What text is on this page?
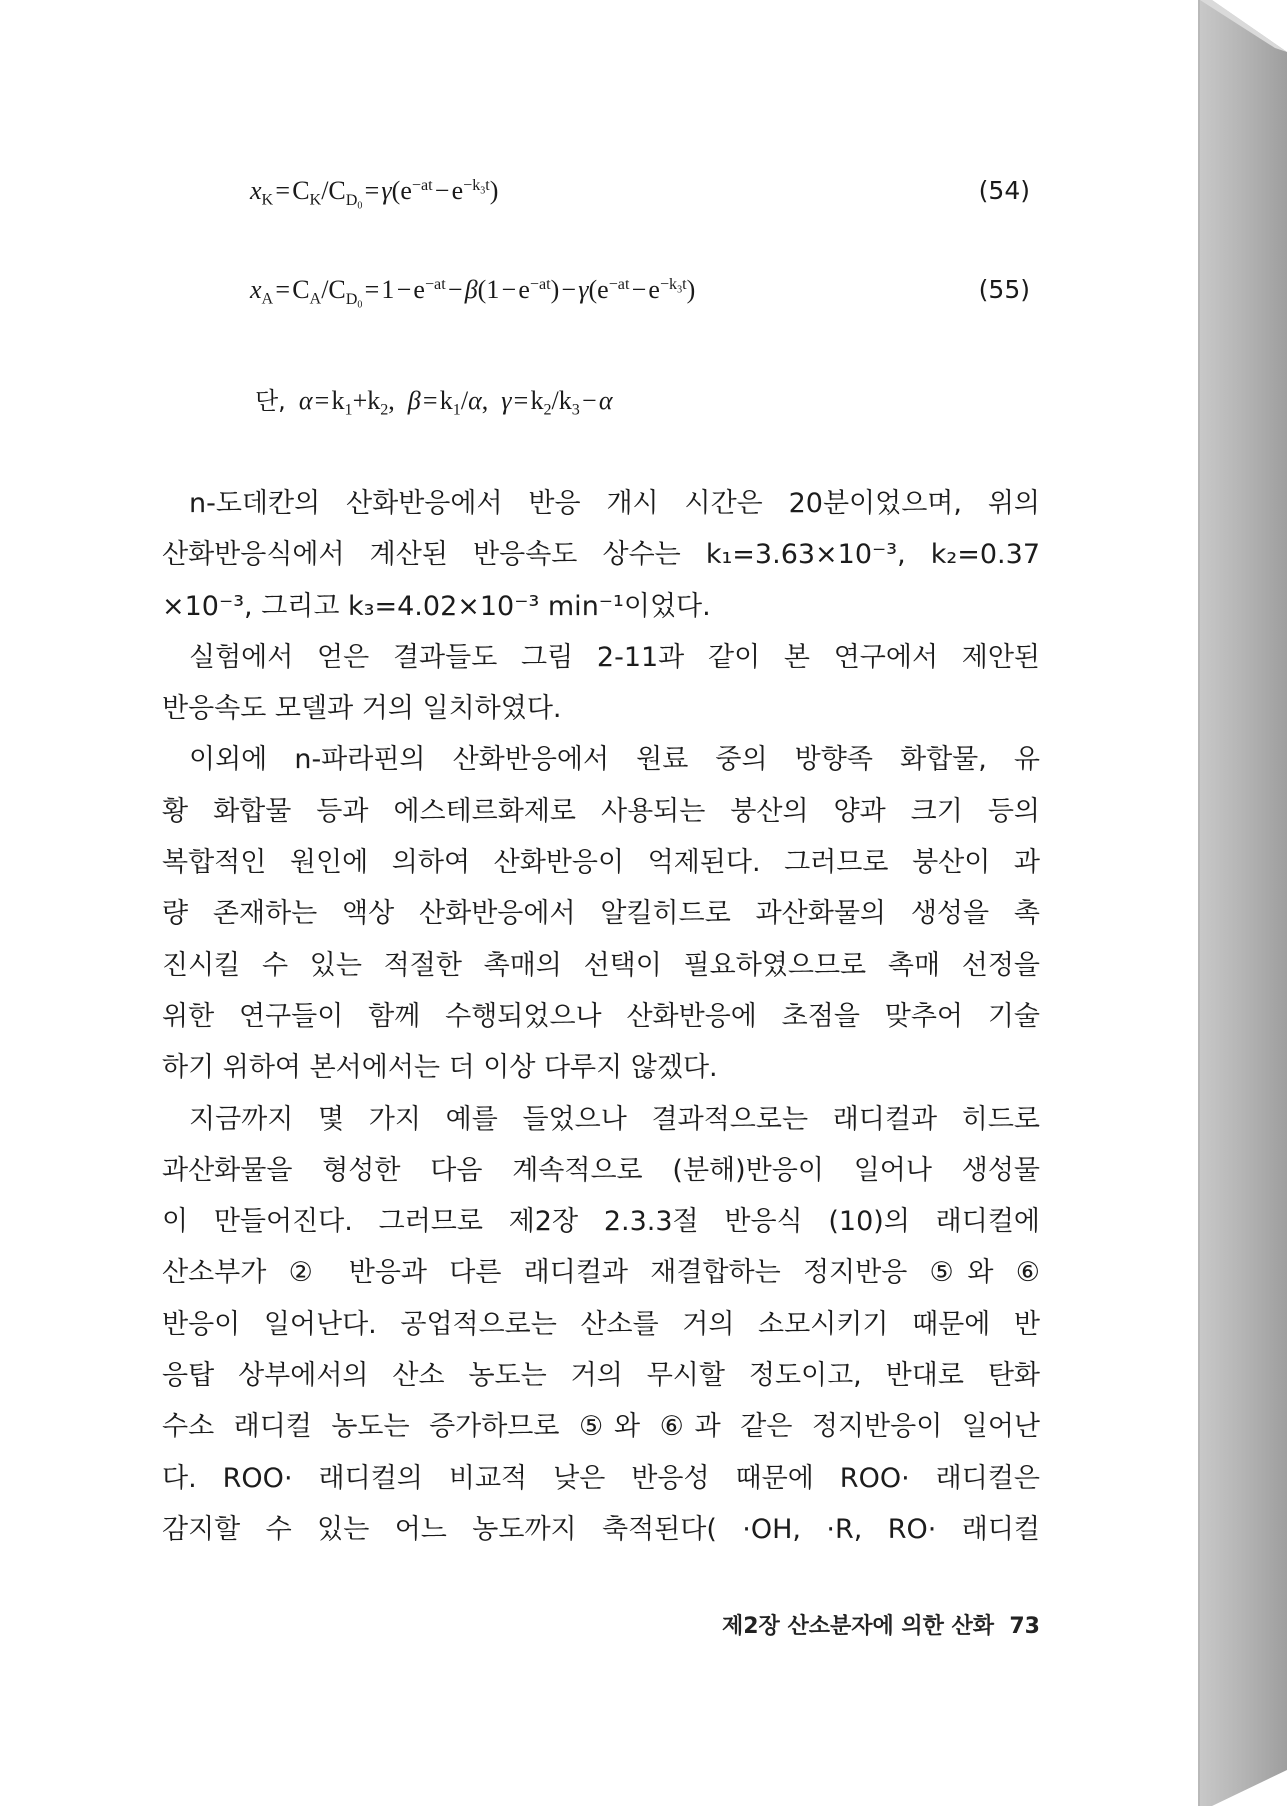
$x_K$ = $C_K/C_{D_0}$ = $\gamma(e^{-at}$ − $e^{-k_3t}$)	(54)
$x_A$ = $C_A/C_{D_0}$ = 1 − $e^{-at}$ − β(1 − $e^{-at}$) − $\gamma(e^{-at}$ − $e^{-k_3t}$)	(55)
단, α = $k_1+k_2$,  β = $k_1/\alpha$,  γ = $k_2/k_3$ − α
n-도데칸의 산화반응에서 반응 개시 시간은 20분이었으며, 위의
산화반응식에서 계산된 반응속도 상수는 k₁=3.63×10⁻³, k₂=0.37
×10⁻³, 그리고 k₃=4.02×10⁻³ min⁻¹이었다.
실험에서 얻은 결과들도 그림 2-11과 같이 본 연구에서 제안된
반응속도 모델과 거의 일치하였다.
이외에 n-파라핀의 산화반응에서 원료 중의 방향족 화합물, 유
황 화합물 등과 에스테르화제로 사용되는 붕산의 양과 크기 등의
복합적인 원인에 의하여 산화반응이 억제된다. 그러므로 붕산이 과
량 존재하는 액상 산화반응에서 알킬히드로 과산화물의 생성을 촉
진시킬 수 있는 적절한 촉매의 선택이 필요하였으므로 촉매 선정을
위한 연구들이 함께 수행되었으나 산화반응에 초점을 맞추어 기술
하기 위하여 본서에서는 더 이상 다루지 않겠다.
지금까지 몇 가지 예를 들었으나 결과적으로는 래디컬과 히드로
과산화물을 형성한 다음 계속적으로 (분해)반응이 일어나 생성물
이 만들어진다. 그러므로 제2장 2.3.3절 반응식 (10)의 래디컬에
산소부가 ② 반응과 다른 래디컬과 재결합하는 정지반응 ⑤와 ⑥
반응이 일어난다. 공업적으로는 산소를 거의 소모시키기 때문에 반
응탑 상부에서의 산소 농도는 거의 무시할 정도이고, 반대로 탄화
수소 래디컬 농도는 증가하므로 ⑤와 ⑥과 같은 정지반응이 일어난
다. ROO· 래디컬의 비교적 낮은 반응성 때문에 ROO· 래디컬은
감지할 수 있는 어느 농도까지 축적된다( ·OH, ·R, RO· 래디컬
제2장 산소분자에 의한 산화 73
